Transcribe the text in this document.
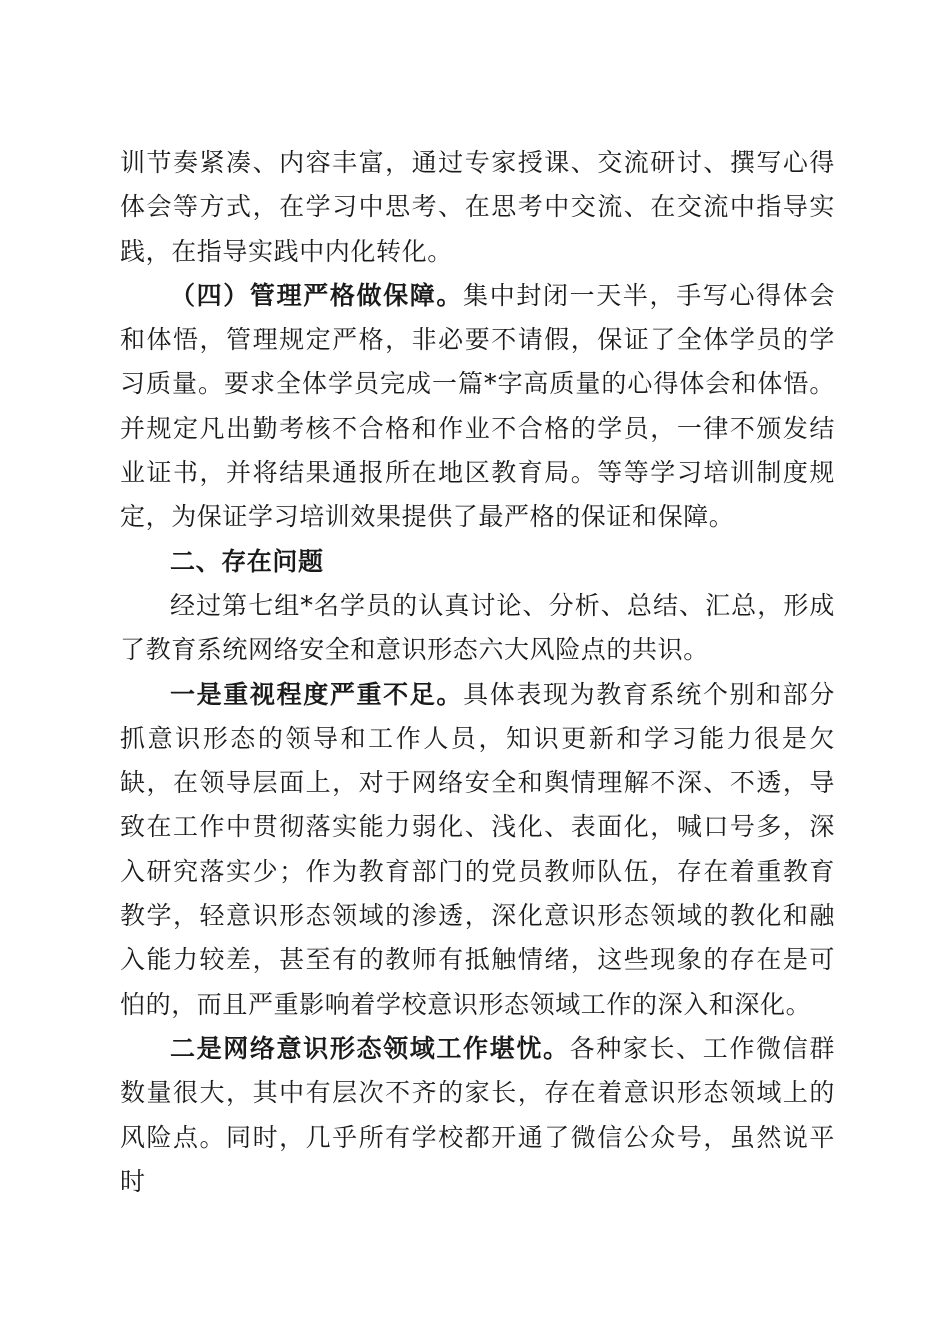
训节奏紧凑、内容丰富，通过专家授课、交流研讨、撰写心得体会等方式，在学习中思考、在思考中交流、在交流中指导实践，在指导实践中内化转化。

（四）管理严格做保障。集中封闭一天半，手写心得体会和体悟，管理规定严格，非必要不请假，保证了全体学员的学习质量。要求全体学员完成一篇*字高质量的心得体会和体悟。并规定凡出勤考核不合格和作业不合格的学员，一律不颁发结业证书，并将结果通报所在地区教育局。等等学习培训制度规定，为保证学习培训效果提供了最严格的保证和保障。

二、存在问题

经过第七组*名学员的认真讨论、分析、总结、汇总，形成了教育系统网络安全和意识形态六大风险点的共识。

一是重视程度严重不足。具体表现为教育系统个别和部分抓意识形态的领导和工作人员，知识更新和学习能力很是欠缺，在领导层面上，对于网络安全和舆情理解不深、不透，导致在工作中贯彻落实能力弱化、浅化、表面化，喊口号多，深入研究落实少；作为教育部门的党员教师队伍，存在着重教育教学，轻意识形态领域的渗透，深化意识形态领域的教化和融入能力较差，甚至有的教师有抵触情绪，这些现象的存在是可怕的，而且严重影响着学校意识形态领域工作的深入和深化。

二是网络意识形态领域工作堪忧。各种家长、工作微信群数量很大，其中有层次不齐的家长，存在着意识形态领域上的风险点。同时，几乎所有学校都开通了微信公众号，虽然说平时
